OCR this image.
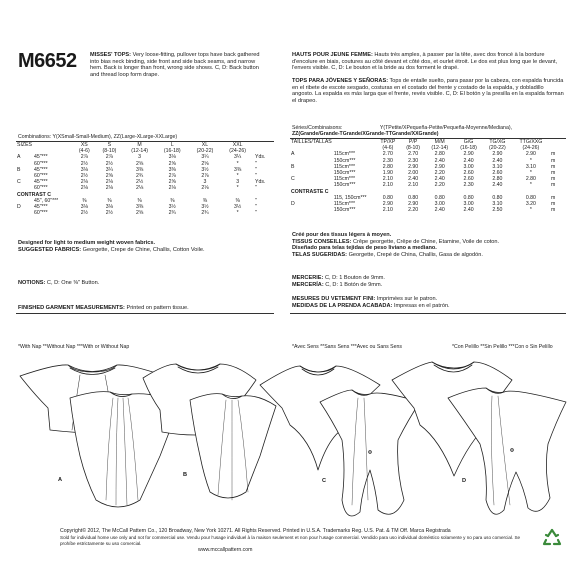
M6652 MISSES' TOPS: Very loose-fitting, pullover tops have back gathered into bias neck binding, side front and side back seams, and narrow hem. Back is longer than front, wrong side shows. C, D: Back button and thread loop form drape.
HAUTS POUR JEUNE FEMME: Hauts très amples, à passer par la tête, avec dos froncé à la bordure d'encolure en biais, coutures au côté devant et côté dos, et ourlet étroit. Le dos est plus long que le devant, l'envers visible. C, D: Le bouton et la bride au dos forment le drapé.
TOPS PARA JÓVENES Y SEÑORAS: Tops de entalle suelto, para pasar por la cabeza, con espalda fruncida en el ribete de escote sesgado, costuras en el costado del frente y costado de la espalda, y dobladillo angosto. La espalda es más larga que el frente, revés visible. C, D: El botón y la presilla en la espalda forman el drapeo.
Combinations: Y(XSmall-Small-Medium), ZZ(Large-XLarge-XXLarge)
SIZES		XS	S	M	L	XL	XXL	
		(4-6)	(8-10)	(12-14)	(16-18)	(20-22)	(24-26)	
A	45"***	2⅞	2⅞	3	3⅛	3¼	3¼	Yds.
	60"***	2½	2½	2⅝	2⅝	2⅝	*	"
B	45"***	3⅛	3¼	3⅜	3⅜	3½	3⅜	"
	60"***	2½	2⅝	2¾	2⅞	2⅞	*	"
C	45"***	2⅛	2⅛	2½	2⅝	3	3	Yds.
	60"***	2⅛	2⅛	2⅛	2⅛	2⅛	*	"
CONTRAST C								
	45", 60"***	⅜	⅜	⅜	⅜	⅜	⅜	"
D	45"***	3⅛	3⅛	3⅜	3½	3½	3½	"
	60"***	2½	2½	2⅝	2¾	2¾	*	"
Designed for light to medium weight woven fabrics.
SUGGESTED FABRICS: Georgette, Crepe de Chine, Challis, Cotton Voile.
NOTIONS: C, D: One ⅜" Button.
FINISHED GARMENT MEASUREMENTS: Printed on pattern tissue.
*With Nap **Without Nap ***With or Without Nap
Séries/Combinaisons:	Y(TPetite/XPequeña-Petite/Pequeña-Moyenne/Mediana),
ZZ(Grande/Grande-TGrande/XGrande-TTGrande/XXGrande)
TAILLES/TALLAS		TP/XP	P/P	M/M	G/G	TG/XG	TTG/XXG	
		(4-6)	(8-10)	(12-14)	(16-18)	(20-22)	(24-26)	
A	115cm***	2.70	2.70	2.80	2.90	2.90	2.90	m
	150cm***	2.30	2.30	2.40	2.40	2.40	*	m
B	115cm***	2.80	2.90	2.90	3.00	3.10	3.10	m
	150cm***	1.90	2.00	2.20	2.60	2.60	*	m
C	115cm***	2.10	2.40	2.40	2.60	2.80	2.80	m
	150cm***	2.10	2.10	2.20	2.30	2.40	*	m
CONTRASTE C								
	115, 150cm***	0.80	0.80	0.80	0.80	0.80	0.80	m
D	115cm***	2.90	2.90	3.00	3.00	3.10	3.20	m
	150cm***	2.10	2.20	2.40	2.40	2.50	*	m
Créé pour des tissus légers à moyen.
TISSUS CONSEILLES: Crêpe georgette, Crêpe de Chine, Etamine, Voile de coton.
Diseñado para telas tejidas de peso liviano a mediano.
TELAS SUGERIDAS: Georgette, Crepé de China, Challis, Gasa de algodón.
MERCERIE: C, D: 1 Bouton de 9mm.
MERCERÍA: C, D: 1 Botón de 9mm.
MESURES DU VETEMENT FINI: Imprimées sur le patron.
MEDIDAS DE LA PRENDA ACABADA: Impresas en el patrón.
*Avec Sens **Sans Sens ***Avec ou Sans Sens	*Con Pelillo **Sin Pelillo ***Con o Sin Pelillo
A
B
C	D
Copyright© 2012, The McCall Pattern Co., 120 Broadway, New York 10271. All Rights Reserved. Printed in U.S.A. Trademarks Reg. U.S. Pat. & TM Off. Marca Registrada
Sold for individual home use only and not for commercial use. Vendu pour l'usage individuel à la maison seulement et non pour l'usage commercial. Vendido para uso individual doméstico solamente y no para uso comercial. Se prohíbe estrictamente su uso comercial.
www.mccallpattern.com
